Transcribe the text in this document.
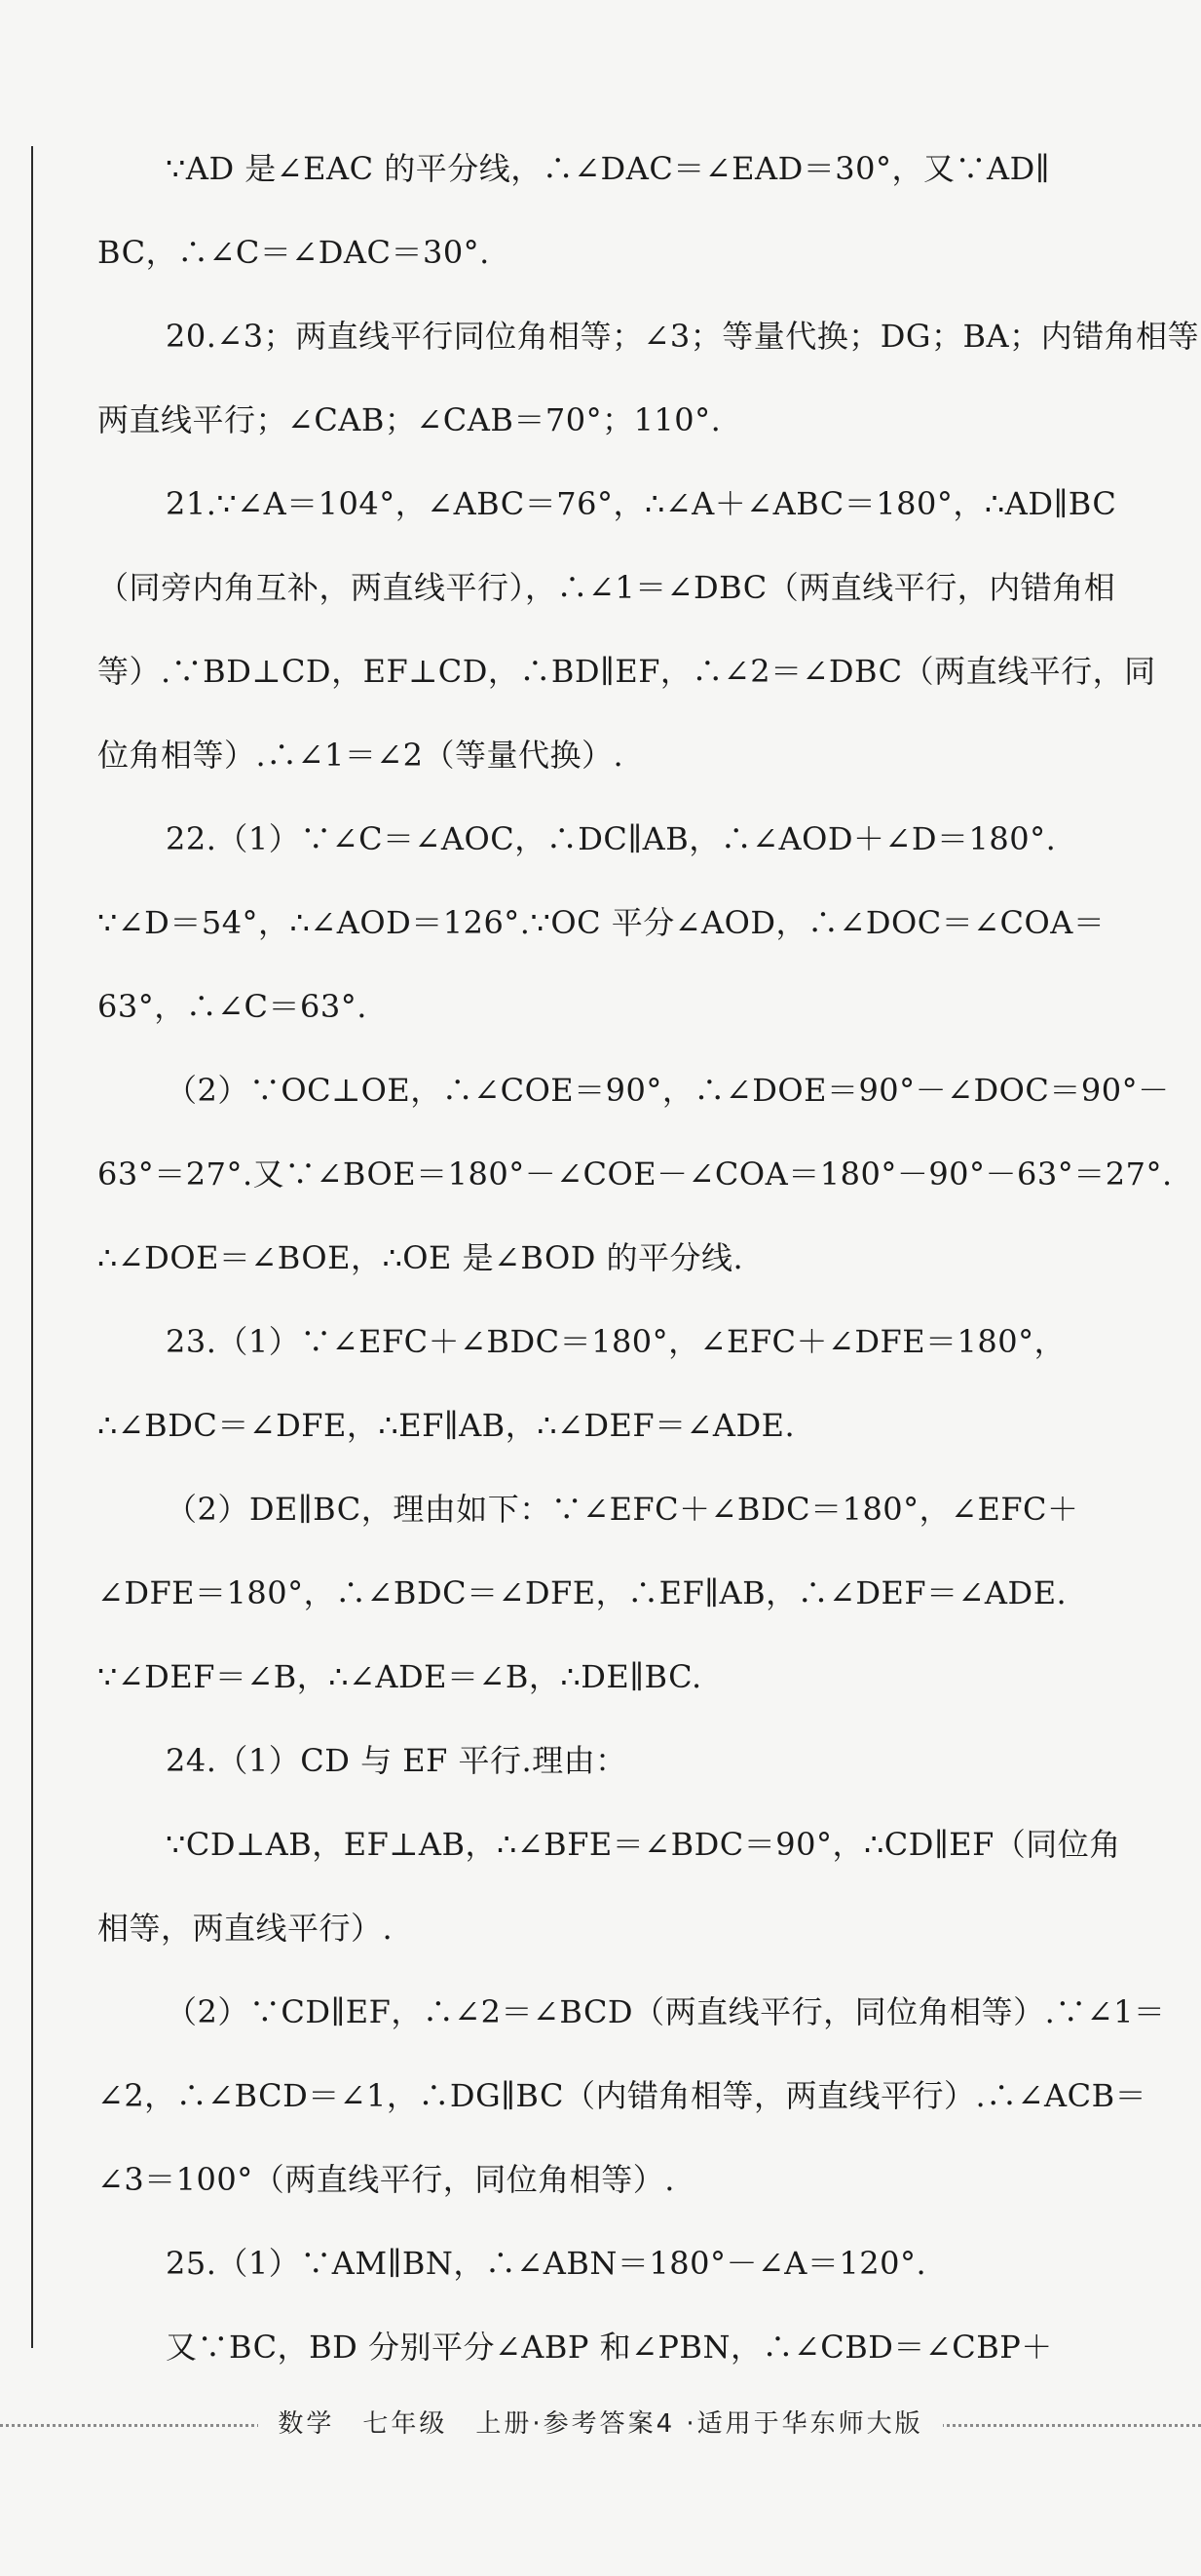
∵AD 是∠EAC 的平分线，∴∠DAC＝∠EAD＝30°，又∵AD∥
BC，∴∠C＝∠DAC＝30°.
20.∠3；两直线平行同位角相等；∠3；等量代换；DG；BA；内错角相等
两直线平行；∠CAB；∠CAB＝70°；110°.
21.∵∠A＝104°，∠ABC＝76°，∴∠A＋∠ABC＝180°，∴AD∥BC
（同旁内角互补，两直线平行），∴∠1＝∠DBC（两直线平行，内错角相
等）.∵BD⊥CD，EF⊥CD，∴BD∥EF，∴∠2＝∠DBC（两直线平行，同
位角相等）.∴∠1＝∠2（等量代换）.
22.（1）∵∠C＝∠AOC，∴DC∥AB，∴∠AOD＋∠D＝180°.
∵∠D＝54°，∴∠AOD＝126°.∵OC 平分∠AOD，∴∠DOC＝∠COA＝
63°，∴∠C＝63°.
（2）∵OC⊥OE，∴∠COE＝90°，∴∠DOE＝90°－∠DOC＝90°－
63°＝27°.又∵∠BOE＝180°－∠COE－∠COA＝180°－90°－63°＝27°.
∴∠DOE＝∠BOE，∴OE 是∠BOD 的平分线.
23.（1）∵∠EFC＋∠BDC＝180°，∠EFC＋∠DFE＝180°，
∴∠BDC＝∠DFE，∴EF∥AB，∴∠DEF＝∠ADE.
（2）DE∥BC，理由如下：∵∠EFC＋∠BDC＝180°，∠EFC＋
∠DFE＝180°，∴∠BDC＝∠DFE，∴EF∥AB，∴∠DEF＝∠ADE.
∵∠DEF＝∠B，∴∠ADE＝∠B，∴DE∥BC.
24.（1）CD 与 EF 平行.理由：
∵CD⊥AB，EF⊥AB，∴∠BFE＝∠BDC＝90°，∴CD∥EF（同位角
相等，两直线平行）.
（2）∵CD∥EF，∴∠2＝∠BCD（两直线平行，同位角相等）.∵∠1＝
∠2，∴∠BCD＝∠1，∴DG∥BC（内错角相等，两直线平行）.∴∠ACB＝
∠3＝100°（两直线平行，同位角相等）.
25.（1）∵AM∥BN，∴∠ABN＝180°－∠A＝120°.
又∵BC，BD 分别平分∠ABP 和∠PBN，∴∠CBD＝∠CBP＋
数学　七年级　上册·参考答案4 ·适用于华东师大版
